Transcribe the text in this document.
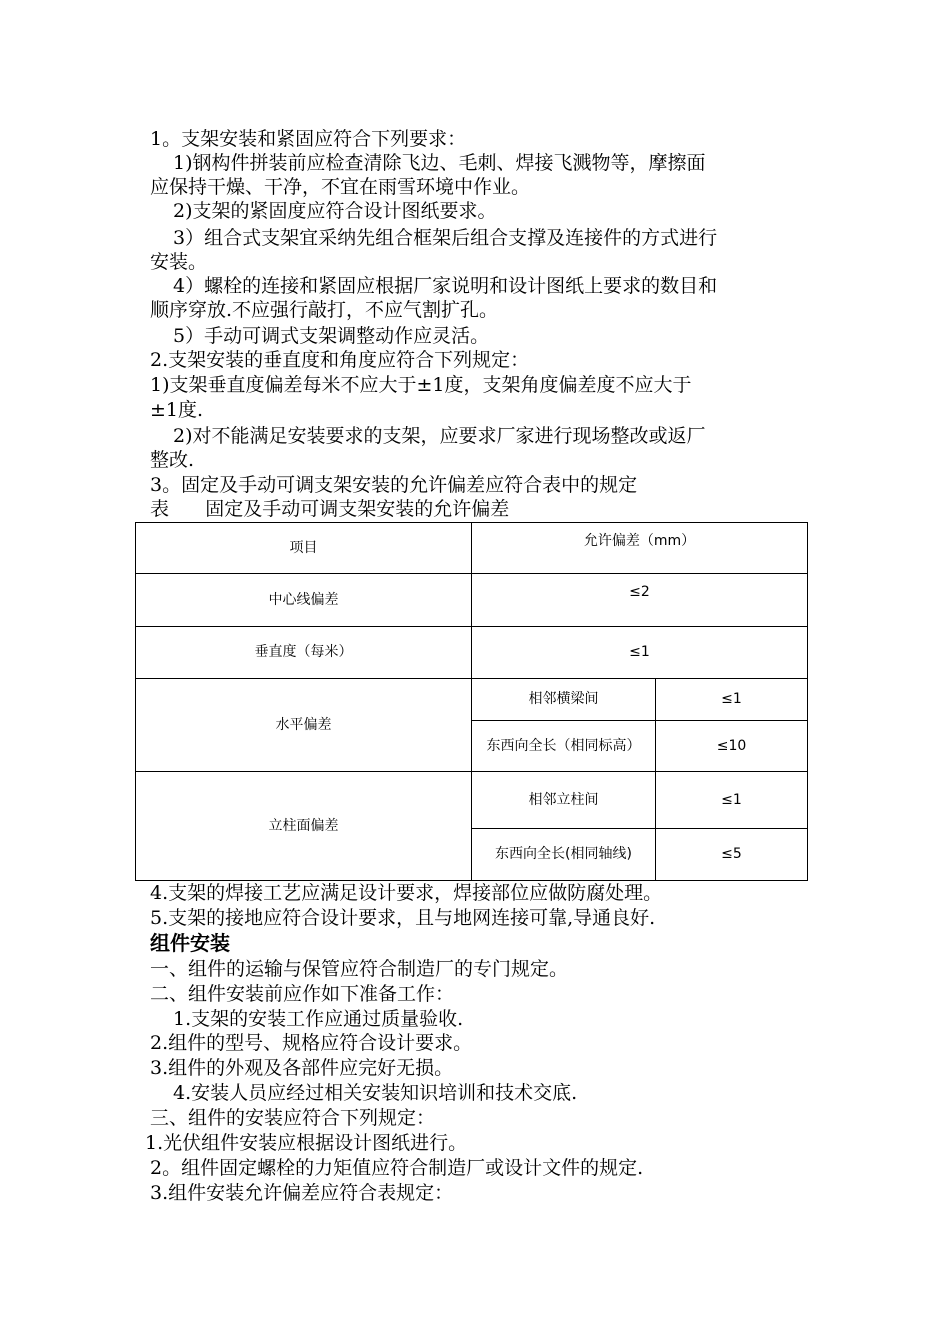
1。支架安装和紧固应符合下列要求：
1)钢构件拼装前应检查清除飞边、毛刺、焊接飞溅物等，摩擦面
应保持干燥、干净，不宜在雨雪环境中作业。
2)支架的紧固度应符合设计图纸要求。
3）组合式支架宜采纳先组合框架后组合支撑及连接件的方式进行
安装。
4）螺栓的连接和紧固应根据厂家说明和设计图纸上要求的数目和
顺序穿放.不应强行敲打，不应气割扩孔。
5）手动可调式支架调整动作应灵活。
2.支架安装的垂直度和角度应符合下列规定：
1)支架垂直度偏差每米不应大于±1度，支架角度偏差度不应大于
±1度.
2)对不能满足安装要求的支架，应要求厂家进行现场整改或返厂
整改.
3。固定及手动可调支架安装的允许偏差应符合表中的规定
表      固定及手动可调支架安装的允许偏差
项目	允许偏差（mm）	
中心线偏差	≤2	
垂直度（每米）	≤1	
水平偏差	相邻横梁间	≤1
	东西向全长（相同标高）	≤10
立柱面偏差	相邻立柱间	≤1
	东西向全长(相同轴线)	≤5
4.支架的焊接工艺应满足设计要求，焊接部位应做防腐处理。
5.支架的接地应符合设计要求，且与地网连接可靠,导通良好.
组件安装
一、组件的运输与保管应符合制造厂的专门规定。
二、组件安装前应作如下准备工作：
1.支架的安装工作应通过质量验收.
2.组件的型号、规格应符合设计要求。
3.组件的外观及各部件应完好无损。
4.安装人员应经过相关安装知识培训和技术交底.
三、组件的安装应符合下列规定：
1.光伏组件安装应根据设计图纸进行。
2。组件固定螺栓的力矩值应符合制造厂或设计文件的规定.
3.组件安装允许偏差应符合表规定：
